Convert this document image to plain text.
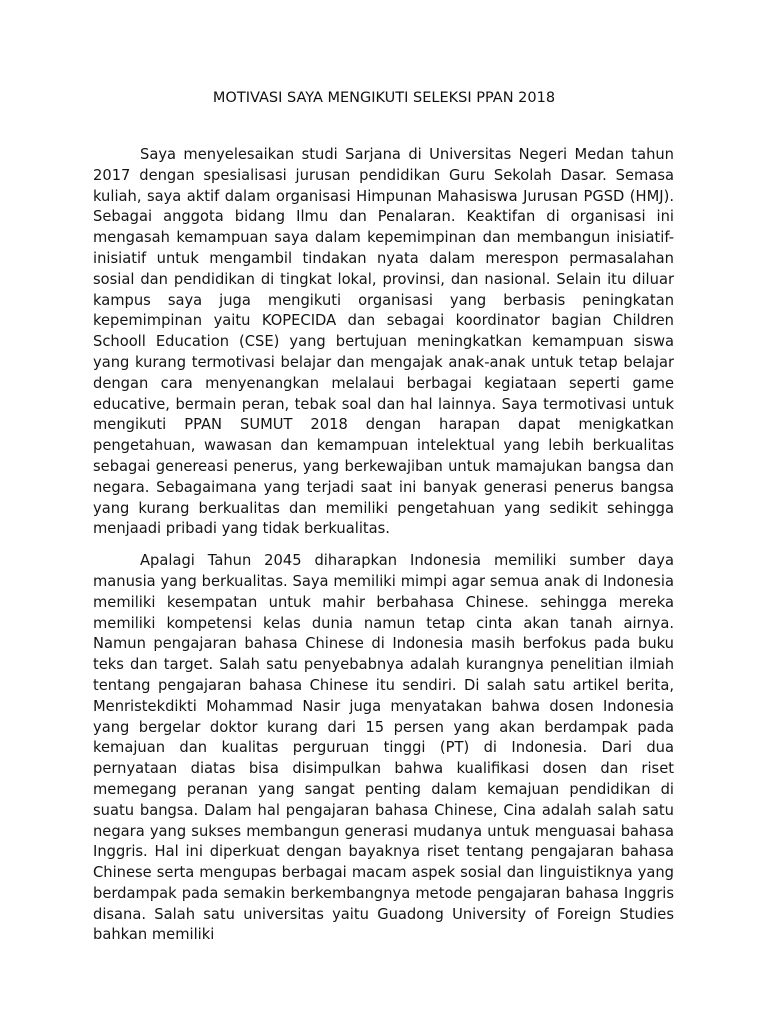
MOTIVASI SAYA MENGIKUTI SELEKSI PPAN 2018

Saya menyelesaikan studi Sarjana di Universitas Negeri Medan tahun 2017 dengan spesialisasi jurusan pendidikan Guru Sekolah Dasar. Semasa kuliah, saya aktif dalam organisasi Himpunan Mahasiswa Jurusan PGSD (HMJ). Sebagai anggota bidang Ilmu dan Penalaran. Keaktifan di organisasi ini mengasah kemampuan saya dalam kepemimpinan dan membangun inisiatif-inisiatif untuk mengambil tindakan nyata dalam merespon permasalahan sosial dan pendidikan di tingkat lokal, provinsi, dan nasional. Selain itu diluar kampus saya juga mengikuti organisasi yang berbasis peningkatan kepemimpinan yaitu KOPECIDA dan sebagai koordinator bagian Children Schooll Education (CSE) yang bertujuan meningkatkan kemampuan siswa yang kurang termotivasi belajar dan mengajak anak-anak untuk tetap belajar dengan cara menyenangkan melalaui berbagai kegiataan seperti game educative, bermain peran, tebak soal dan hal lainnya. Saya termotivasi untuk mengikuti PPAN SUMUT 2018 dengan harapan dapat menigkatkan pengetahuan, wawasan dan kemampuan intelektual yang lebih berkualitas sebagai genereasi penerus, yang berkewajiban untuk mamajukan bangsa dan negara. Sebagaimana yang terjadi saat ini banyak generasi penerus bangsa yang kurang berkualitas dan memiliki pengetahuan yang sedikit sehingga menjaadi pribadi yang tidak berkualitas.

Apalagi Tahun 2045 diharapkan Indonesia memiliki sumber daya manusia yang berkualitas. Saya memiliki mimpi agar semua anak di Indonesia memiliki kesempatan untuk mahir berbahasa Chinese. sehingga mereka memiliki kompetensi kelas dunia namun tetap cinta akan tanah airnya. Namun pengajaran bahasa Chinese di Indonesia masih berfokus pada buku teks dan target. Salah satu penyebabnya adalah kurangnya penelitian ilmiah tentang pengajaran bahasa Chinese itu sendiri. Di salah satu artikel berita, Menristekdikti Mohammad Nasir juga menyatakan bahwa dosen Indonesia yang bergelar doktor kurang dari 15 persen yang akan berdampak pada kemajuan dan kualitas perguruan tinggi (PT) di Indonesia. Dari dua pernyataan diatas bisa disimpulkan bahwa kualifikasi dosen dan riset memegang peranan yang sangat penting dalam kemajuan pendidikan di suatu bangsa. Dalam hal pengajaran bahasa Chinese, Cina adalah salah satu negara yang sukses membangun generasi mudanya untuk menguasai bahasa Inggris. Hal ini diperkuat dengan bayaknya riset tentang pengajaran bahasa Chinese serta mengupas berbagai macam aspek sosial dan linguistiknya yang berdampak pada semakin berkembangnya metode pengajaran bahasa Inggris disana. Salah satu universitas yaitu Guadong University of Foreign Studies bahkan memiliki
